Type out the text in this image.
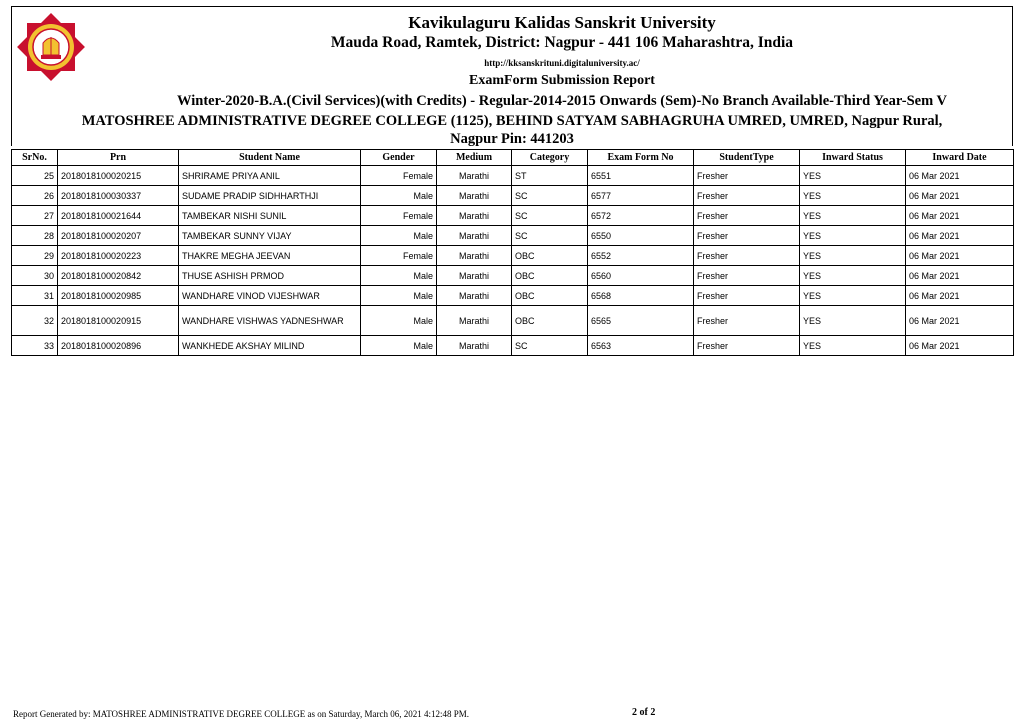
Kavikulaguru Kalidas Sanskrit University
Mauda Road, Ramtek, District: Nagpur - 441 106 Maharashtra, India
http://kksanskrituni.digitaluniversity.ac/
ExamForm Submission Report
Winter-2020-B.A.(Civil Services)(with Credits) - Regular-2014-2015 Onwards (Sem)-No Branch Available-Third Year-Sem V
MATOSHREE ADMINISTRATIVE DEGREE COLLEGE (1125), BEHIND SATYAM SABHAGRUHA UMRED, UMRED, Nagpur Rural,
Nagpur Pin: 441203
SrNo.	Prn	Student Name	Gender	Medium	Category	Exam Form No	StudentType	Inward Status	Inward Date
25	2018018100020215	SHRIRAME PRIYA ANIL	Female	Marathi	ST	6551	Fresher	YES	06 Mar 2021
26	2018018100030337	SUDAME PRADIP SIDHHARTHJI	Male	Marathi	SC	6577	Fresher	YES	06 Mar 2021
27	2018018100021644	TAMBEKAR NISHI SUNIL	Female	Marathi	SC	6572	Fresher	YES	06 Mar 2021
28	2018018100020207	TAMBEKAR SUNNY VIJAY	Male	Marathi	SC	6550	Fresher	YES	06 Mar 2021
29	2018018100020223	THAKRE MEGHA JEEVAN	Female	Marathi	OBC	6552	Fresher	YES	06 Mar 2021
30	2018018100020842	THUSE ASHISH PRMOD	Male	Marathi	OBC	6560	Fresher	YES	06 Mar 2021
31	2018018100020985	WANDHARE VINOD VIJESHWAR	Male	Marathi	OBC	6568	Fresher	YES	06 Mar 2021
32	2018018100020915	WANDHARE VISHWAS YADNESHWAR	Male	Marathi	OBC	6565	Fresher	YES	06 Mar 2021
33	2018018100020896	WANKHEDE AKSHAY MILIND	Male	Marathi	SC	6563	Fresher	YES	06 Mar 2021
Report Generated by: MATOSHREE ADMINISTRATIVE DEGREE COLLEGE as on Saturday, March 06, 2021 4:12:48 PM.	2 of 2
